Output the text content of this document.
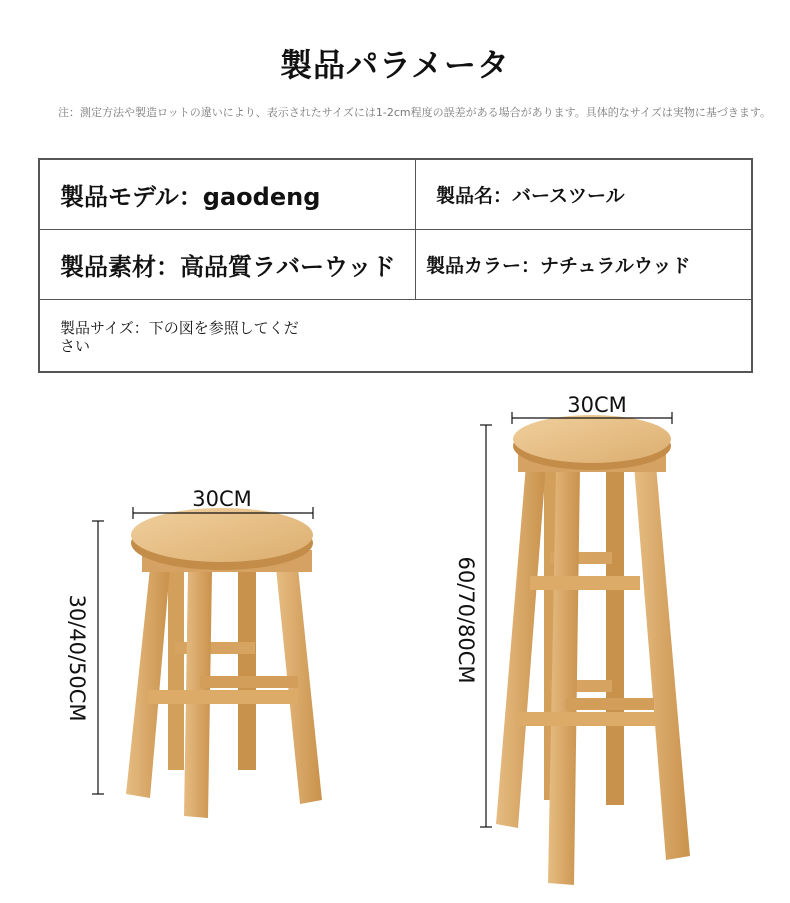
製品パラメータ
注：測定方法や製造ロットの違いにより、表示されたサイズには1-2cm程度の誤差がある場合があります。具体的なサイズは実物に基づきます。
製品モデル：gaodeng	製品名：バースツール
製品素材：高品質ラバーウッド	製品カラー：ナチュラルウッド

製品サイズ：下の図を参照してください	
30CM
30/40/50CM
30CM
60/70/80CM
